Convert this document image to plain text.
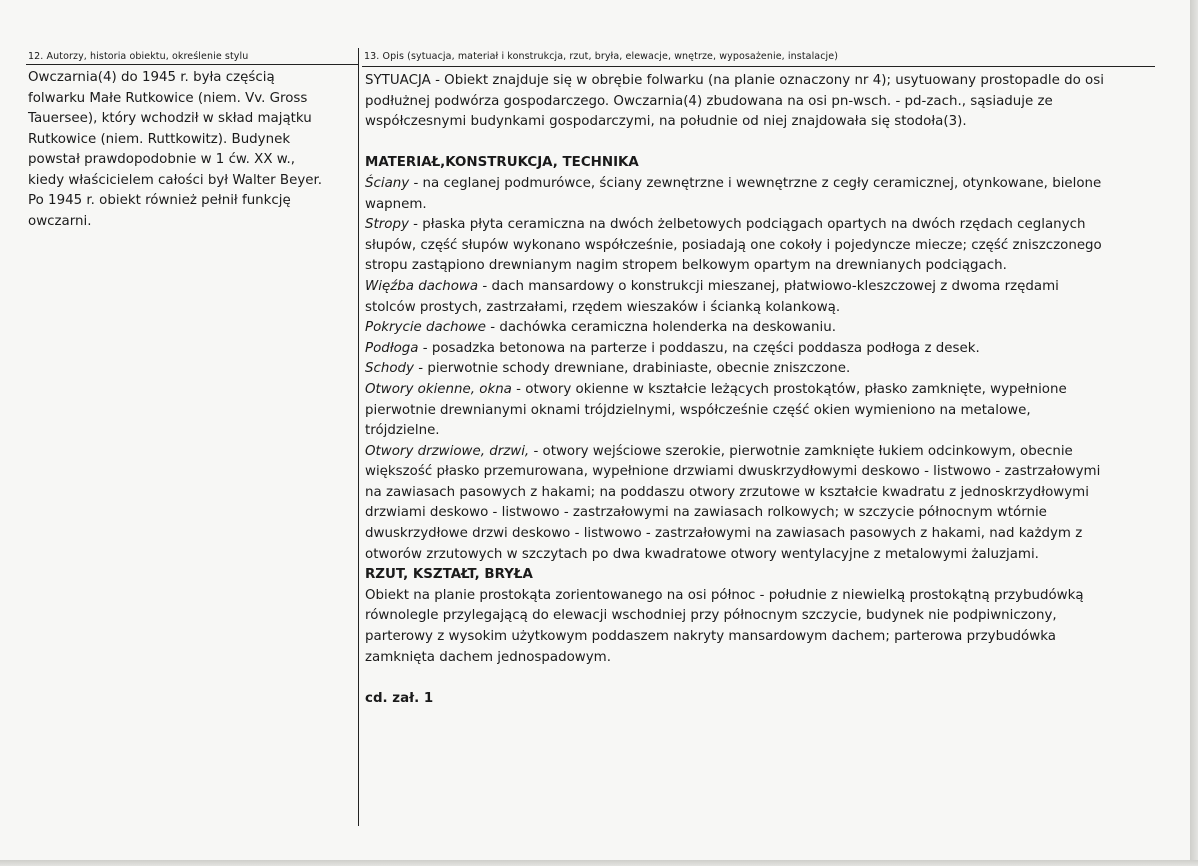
12. Autorzy, historia obiektu, określenie stylu	13. Opis (sytuacja, materiał i konstrukcja, rzut, bryła, elewacje, wnętrze, wyposażenie, instalacje)
Owczarnia(4) do 1945 r. była częścią
folwarku Małe Rutkowice (niem. Vv. Gross
Tauersee), który wchodził w skład majątku
Rutkowice (niem. Ruttkowitz). Budynek
powstał prawdopodobnie w 1 ćw. XX w.,
kiedy właścicielem całości był Walter Beyer.
Po 1945 r. obiekt również pełnił funkcję
owczarni.
SYTUACJA - Obiekt znajduje się w obrębie folwarku (na planie oznaczony nr 4); usytuowany prostopadle do osi
podłużnej podwórza gospodarczego. Owczarnia(4) zbudowana na osi pn-wsch. - pd-zach., sąsiaduje ze
współczesnymi budynkami gospodarczymi, na południe od niej znajdowała się stodoła(3).
MATERIAŁ,KONSTRUKCJA, TECHNIKA
Ściany - na ceglanej podmurówce, ściany zewnętrzne i wewnętrzne z cegły ceramicznej, otynkowane, bielone
wapnem.
Stropy - płaska płyta ceramiczna na dwóch żelbetowych podciągach opartych na dwóch rzędach ceglanych
słupów, część słupów wykonano współcześnie, posiadają one cokoły i pojedyncze miecze; część zniszczonego
stropu zastąpiono drewnianym nagim stropem belkowym opartym na drewnianych podciągach.
Więźba dachowa - dach mansardowy o konstrukcji mieszanej, płatwiowo-kleszczowej z dwoma rzędami
stolców prostych, zastrzałami, rzędem wieszaków i ścianką kolankową.
Pokrycie dachowe - dachówka ceramiczna holenderka na deskowaniu.
Podłoga - posadzka betonowa na parterze i poddaszu, na części poddasza podłoga z desek.
Schody - pierwotnie schody drewniane, drabiniaste, obecnie zniszczone.
Otwory okienne, okna - otwory okienne w kształcie leżących prostokątów, płasko zamknięte, wypełnione
pierwotnie drewnianymi oknami trójdzielnymi, współcześnie część okien wymieniono na metalowe,
trójdzielne.
Otwory drzwiowe, drzwi, - otwory wejściowe szerokie, pierwotnie zamknięte łukiem odcinkowym, obecnie
większość płasko przemurowana, wypełnione drzwiami dwuskrzydłowymi deskowo - listwowo - zastrzałowymi
na zawiasach pasowych z hakami; na poddaszu otwory zrzutowe w kształcie kwadratu z jednoskrzydłowymi
drzwiami deskowo - listwowo - zastrzałowymi na zawiasach rolkowych; w szczycie północnym wtórnie
dwuskrzydłowe drzwi deskowo - listwowo - zastrzałowymi na zawiasach pasowych z hakami, nad każdym z
otworów zrzutowych w szczytach po dwa kwadratowe otwory wentylacyjne z metalowymi żaluzjami.
RZUT, KSZTAŁT, BRYŁA
Obiekt na planie prostokąta zorientowanego na osi północ - południe z niewielką prostokątną przybudówką
równolegle przylegającą do elewacji wschodniej przy północnym szczycie, budynek nie podpiwniczony,
parterowy z wysokim użytkowym poddaszem nakryty mansardowym dachem; parterowa przybudówka
zamknięta dachem jednospadowym.
cd. zał. 1
